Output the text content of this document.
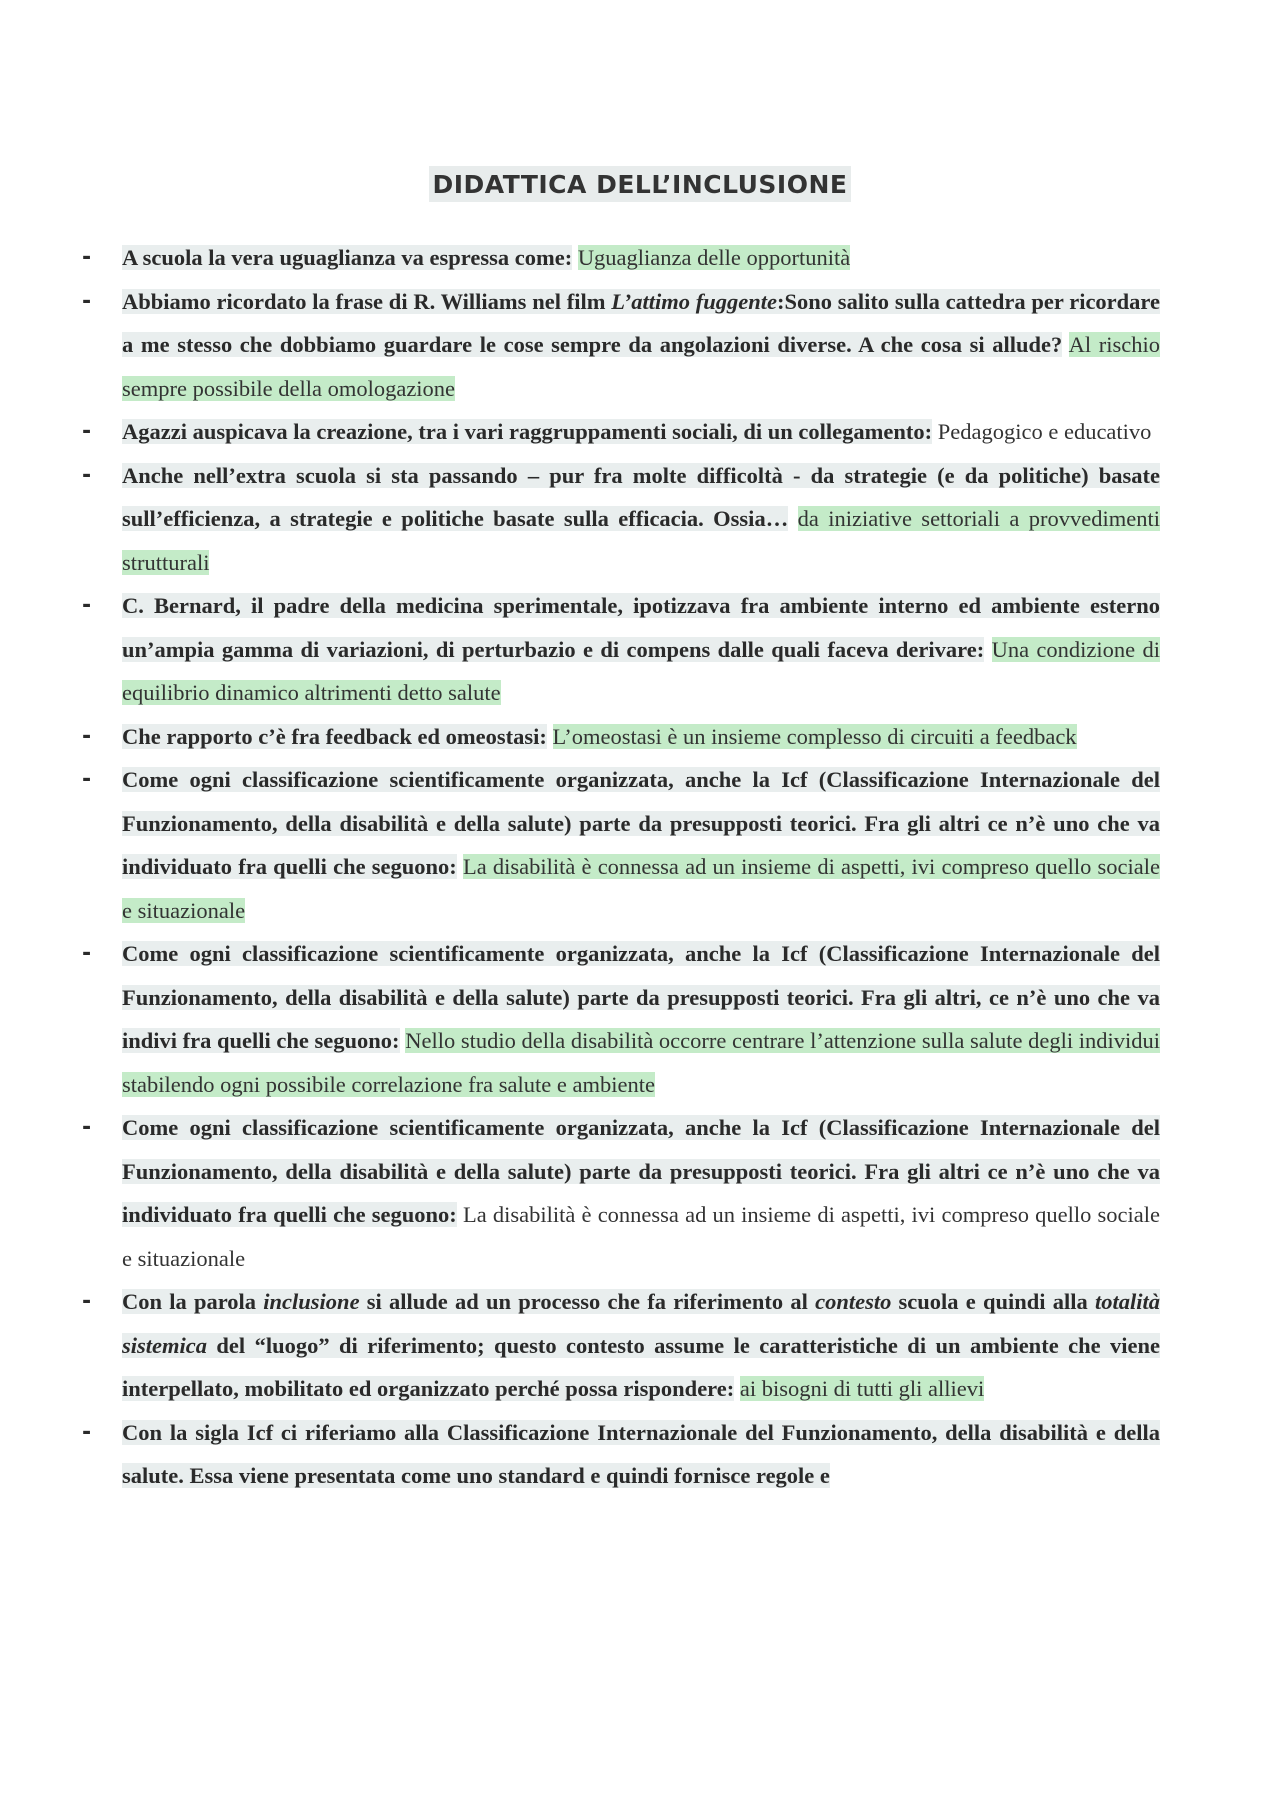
DIDATTICA DELL’INCLUSIONE
- A scuola la vera uguaglianza va espressa come: Uguaglianza delle opportunità
- Abbiamo ricordato la frase di R. Williams nel film L’attimo fuggente:Sono salito sulla cattedra per ricordare a me stesso che dobbiamo guardare le cose sempre da angolazioni diverse. A che cosa si allude? Al rischio sempre possibile della omologazione
- Agazzi auspicava la creazione, tra i vari raggruppamenti sociali, di un collegamento: Pedagogico e educativo
- Anche nell’extra scuola si sta passando – pur fra molte difficoltà - da strategie (e da politiche) basate sull’efficienza, a strategie e politiche basate sulla efficacia. Ossia… da iniziative settoriali a provvedimenti strutturali
- C. Bernard, il padre della medicina sperimentale, ipotizzava fra ambiente interno ed ambiente esterno un’ampia gamma di variazioni, di perturbazio e di compens dalle quali faceva derivare: Una condizione di equilibrio dinamico altrimenti detto salute
- Che rapporto c’è fra feedback ed omeostasi: L’omeostasi è un insieme complesso di circuiti a feedback
- Come ogni classificazione scientificamente organizzata, anche la Icf (Classificazione Internazionale del Funzionamento, della disabilità e della salute) parte da presupposti teorici. Fra gli altri ce n’è uno che va individuato fra quelli che seguono: La disabilità è connessa ad un insieme di aspetti, ivi compreso quello sociale e situazionale
- Come ogni classificazione scientificamente organizzata, anche la Icf (Classificazione Internazionale del Funzionamento, della disabilità e della salute) parte da presupposti teorici. Fra gli altri, ce n’è uno che va indivi fra quelli che seguono: Nello studio della disabilità occorre centrare l’attenzione sulla salute degli individui stabilendo ogni possibile correlazione fra salute e ambiente
- Come ogni classificazione scientificamente organizzata, anche la Icf (Classificazione Internazionale del Funzionamento, della disabilità e della salute) parte da presupposti teorici. Fra gli altri ce n’è uno che va individuato fra quelli che seguono: La disabilità è connessa ad un insieme di aspetti, ivi compreso quello sociale e situazionale
- Con la parola inclusione si allude ad un processo che fa riferimento al contesto scuola e quindi alla totalità sistemica del “luogo” di riferimento; questo contesto assume le caratteristiche di un ambiente che viene interpellato, mobilitato ed organizzato perché possa rispondere: ai bisogni di tutti gli allievi
- Con la sigla Icf ci riferiamo alla Classificazione Internazionale del Funzionamento, della disabilità e della salute. Essa viene presentata come uno standard e quindi fornisce regole e
